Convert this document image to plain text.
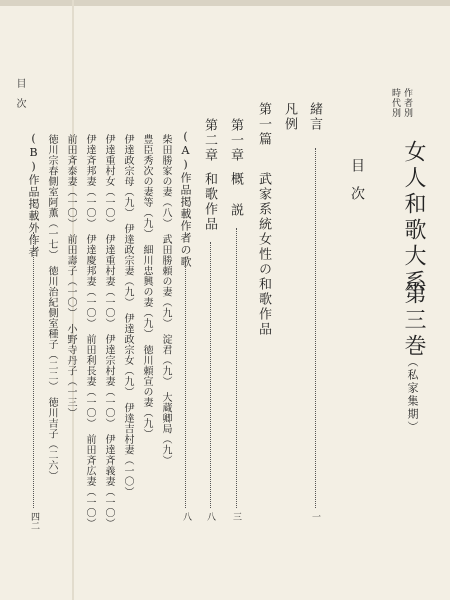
目次	作者別
時代別
女人和歌大系
第三巻
（私家集期）
目次
緒言
一
凡例
第一篇
武家系統女性の和歌作品
第一章
概説
三
第二章
和歌作品
八
(A)作品掲載作者の歌
八
柴田勝家の妻（八）　武田勝頼の妻（九）　淀君（九）　大蔵卿局（九）
豊臣秀次の妻等（九）　細川忠興の妻（九）　徳川頼宣の妻（九）
伊達政宗母（九）　伊達政宗妻（九）　伊達政宗女（九）　伊達吉村妻（一〇）
伊達重村女（一〇）　伊達重村妻（一〇）　伊達宗村妻（一〇）　伊達斉義妻（一〇）
伊達斉邦妻（一〇）　伊達慶邦妻（一〇）　前田利長妻（一〇）　前田斉広妻（一〇）
前田斉泰妻（一〇）　前田壽子（一〇）　小野寺丹子（一三）
徳川宗春側室阿薫（一七）　徳川治紀側室種子（二二）　徳川吉子（二六）
(B)作品掲載外作者
四二
